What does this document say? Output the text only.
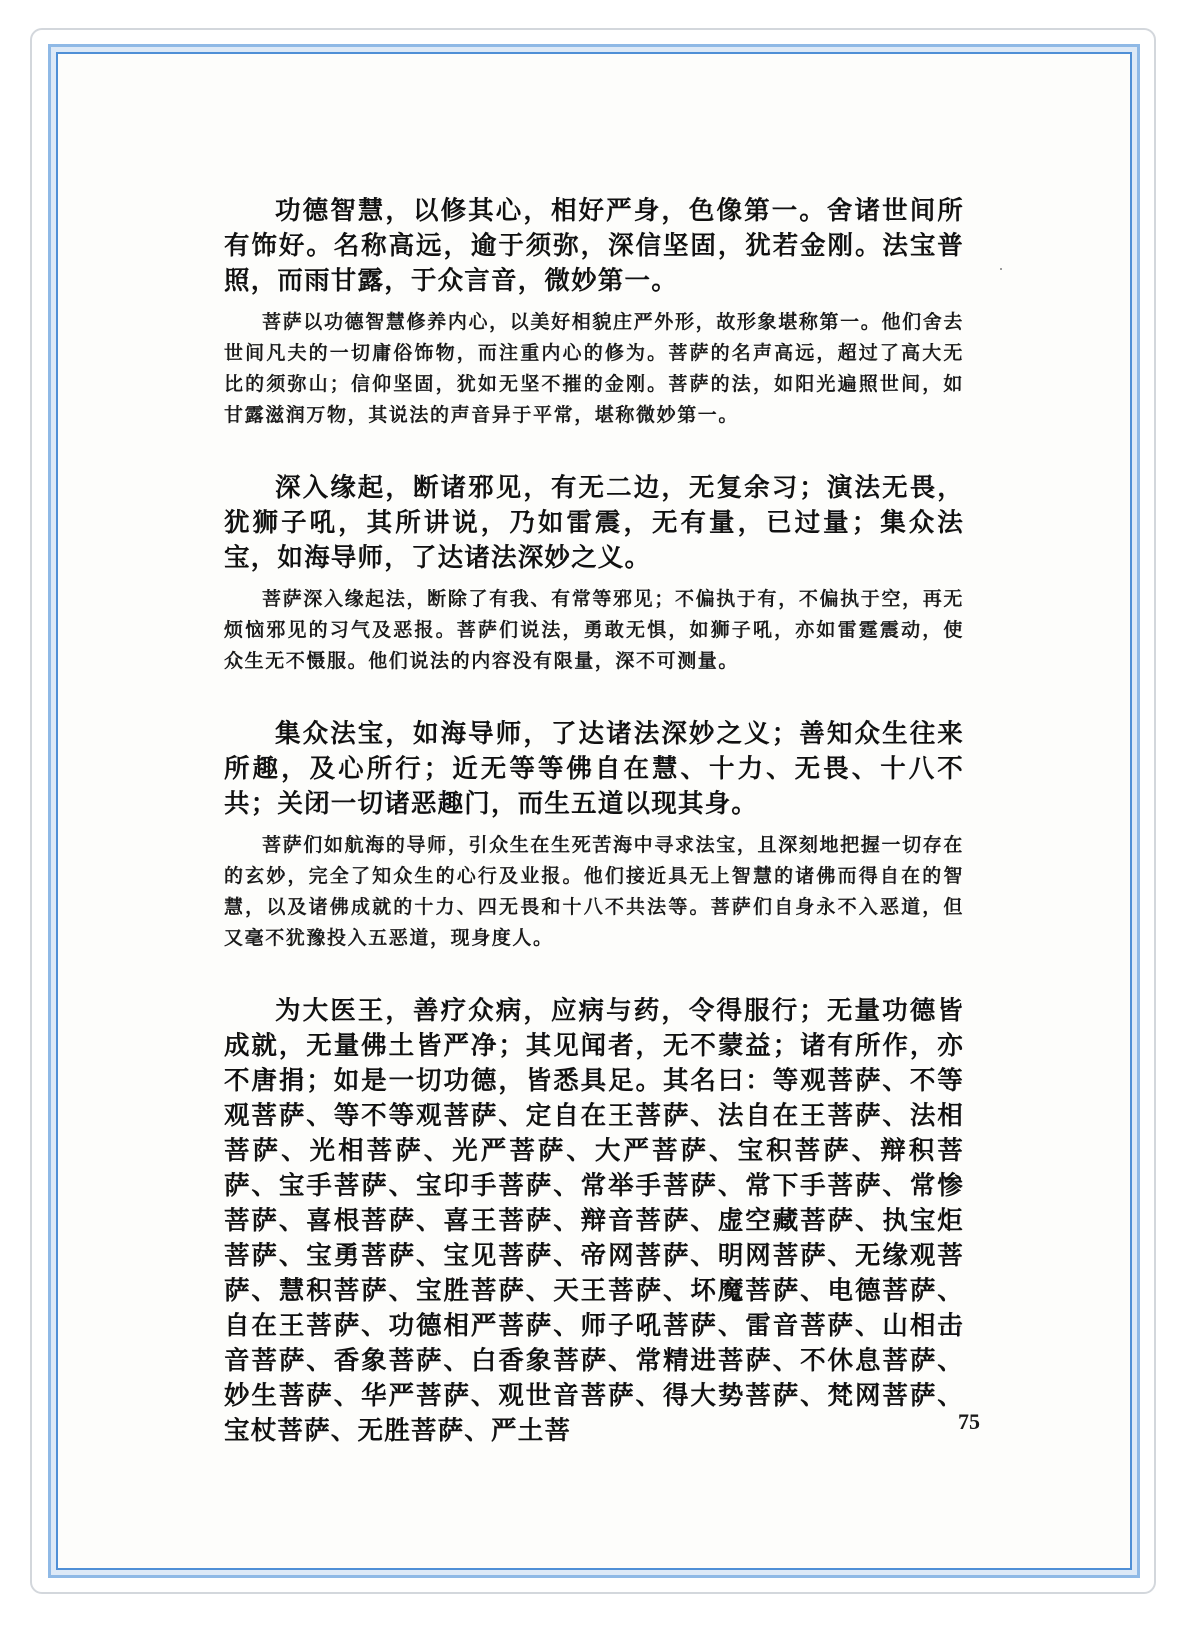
功德智慧，以修其心，相好严身，色像第一。舍诸世间所有饰好。名称高远，逾于须弥，深信坚固，犹若金刚。法宝普照，而雨甘露，于众言音，微妙第一。

菩萨以功德智慧修养内心，以美好相貌庄严外形，故形象堪称第一。他们舍去世间凡夫的一切庸俗饰物，而注重内心的修为。菩萨的名声高远，超过了高大无比的须弥山；信仰坚固，犹如无坚不摧的金刚。菩萨的法，如阳光遍照世间，如甘露滋润万物，其说法的声音异于平常，堪称微妙第一。

深入缘起，断诸邪见，有无二边，无复余习；演法无畏，犹狮子吼，其所讲说，乃如雷震，无有量，已过量；集众法宝，如海导师，了达诸法深妙之义。

菩萨深入缘起法，断除了有我、有常等邪见；不偏执于有，不偏执于空，再无烦恼邪见的习气及恶报。菩萨们说法，勇敢无惧，如狮子吼，亦如雷霆震动，使众生无不慑服。他们说法的内容没有限量，深不可测量。

集众法宝，如海导师，了达诸法深妙之义；善知众生往来所趣，及心所行；近无等等佛自在慧、十力、无畏、十八不共；关闭一切诸恶趣门，而生五道以现其身。

菩萨们如航海的导师，引众生在生死苦海中寻求法宝，且深刻地把握一切存在的玄妙，完全了知众生的心行及业报。他们接近具无上智慧的诸佛而得自在的智慧，以及诸佛成就的十力、四无畏和十八不共法等。菩萨们自身永不入恶道，但又毫不犹豫投入五恶道，现身度人。

为大医王，善疗众病，应病与药，令得服行；无量功德皆成就，无量佛土皆严净；其见闻者，无不蒙益；诸有所作，亦不唐捐；如是一切功德，皆悉具足。其名曰：等观菩萨、不等观菩萨、等不等观菩萨、定自在王菩萨、法自在王菩萨、法相菩萨、光相菩萨、光严菩萨、大严菩萨、宝积菩萨、辩积菩萨、宝手菩萨、宝印手菩萨、常举手菩萨、常下手菩萨、常惨菩萨、喜根菩萨、喜王菩萨、辩音菩萨、虚空藏菩萨、执宝炬菩萨、宝勇菩萨、宝见菩萨、帝网菩萨、明网菩萨、无缘观菩萨、慧积菩萨、宝胜菩萨、天王菩萨、坏魔菩萨、电德菩萨、自在王菩萨、功德相严菩萨、师子吼菩萨、雷音菩萨、山相击音菩萨、香象菩萨、白香象菩萨、常精进菩萨、不休息菩萨、妙生菩萨、华严菩萨、观世音菩萨、得大势菩萨、梵网菩萨、宝杖菩萨、无胜菩萨、严土菩	75
